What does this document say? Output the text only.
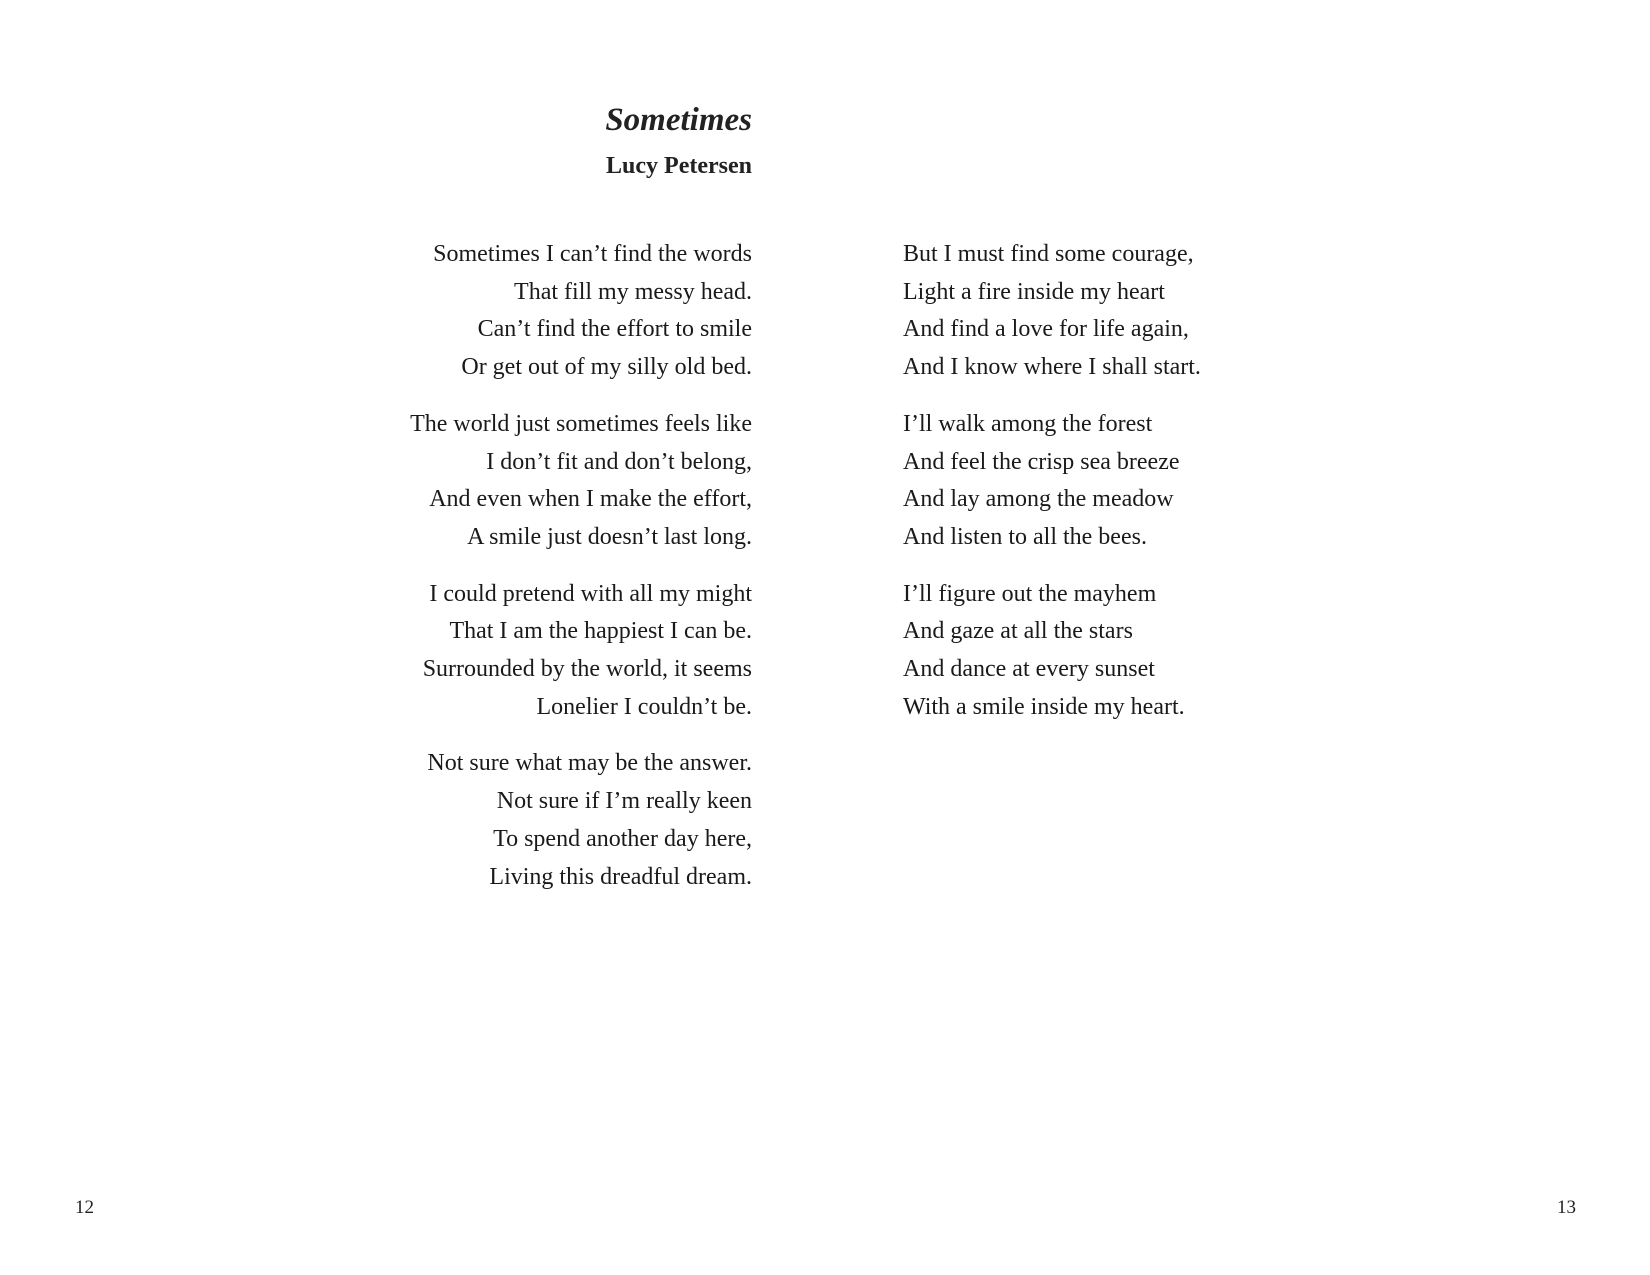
Sometimes
Lucy Petersen
Sometimes I can’t find the words
That fill my messy head.
Can’t find the effort to smile
Or get out of my silly old bed.
The world just sometimes feels like
I don’t fit and don’t belong,
And even when I make the effort,
A smile just doesn’t last long.
I could pretend with all my might
That I am the happiest I can be.
Surrounded by the world, it seems
Lonelier I couldn’t be.
Not sure what may be the answer.
Not sure if I’m really keen
To spend another day here,
Living this dreadful dream.
But I must find some courage,
Light a fire inside my heart
And find a love for life again,
And I know where I shall start.
I’ll walk among the forest
And feel the crisp sea breeze
And lay among the meadow
And listen to all the bees.
I’ll figure out the mayhem
And gaze at all the stars
And dance at every sunset
With a smile inside my heart.
12	13
